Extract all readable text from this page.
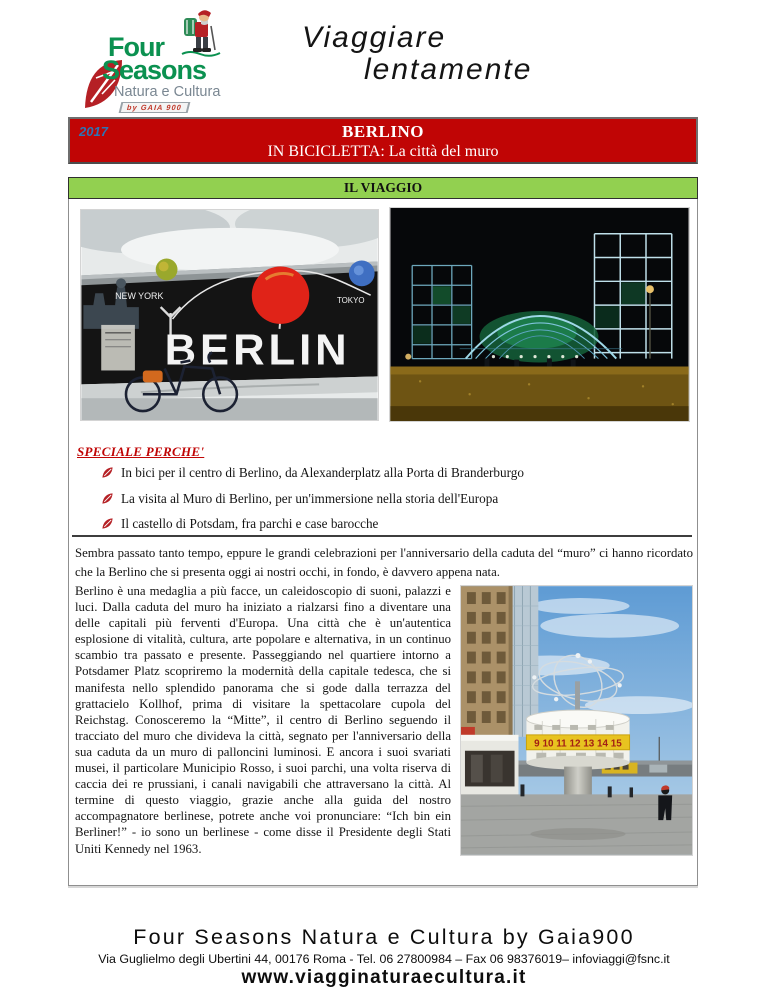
Four
Seasons
Natura e Cultura
by GAIA 900
Viaggiare
lentamente
2017	BERLINO
IN BICICLETTA: La città del muro
IL VIAGGIO
NEW YORK	TOKYO
BERLIN
SPECIALE PERCHE'
In bici per il centro di Berlino, da Alexanderplatz alla Porta di Branderburgo
La visita al Muro di Berlino, per un'immersione nella storia dell'Europa
Il castello di Potsdam, fra parchi e case barocche

Sembra passato tanto tempo, eppure le grandi celebrazioni per l'anniversario della caduta del “muro” ci hanno ricordato che la Berlino che si presenta oggi ai nostri occhi, in fondo, è davvero appena nata.

9 10 11 12 13 14 15

Berlino è una medaglia a più facce, un caleidoscopio di suoni, palazzi e luci. Dalla caduta del muro ha iniziato a rialzarsi fino a diventare una delle capitali più ferventi d'Europa. Una città che è un'autentica esplosione di vitalità, cultura, arte popolare e alternativa, in un continuo scambio tra passato e presente. Passeggiando nel quartiere intorno a Potsdamer Platz scopriremo la modernità della capitale tedesca, che si manifesta nello splendido panorama che si gode dalla terrazza del grattacielo Kollhof, prima di visitare la spettacolare cupola del Reichstag. Conosceremo la “Mitte”, il centro di Berlino seguendo il tracciato del muro che divideva la città, segnato per l'anniversario della sua caduta da un muro di palloncini luminosi. E ancora i suoi svariati musei, il particolare Municipio Rosso, i suoi parchi, una volta riserva di caccia dei re prussiani, i canali navigabili che attraversano la città. Al termine di questo viaggio, grazie anche alla guida del nostro accompagnatore berlinese, potrete anche voi pronunciare: “Ich bin ein Berliner!” - io sono un berlinese - come disse il Presidente degli Stati Uniti Kennedy nel 1963.

Four Seasons Natura e Cultura by Gaia900
Via Guglielmo degli Ubertini 44, 00176 Roma - Tel. 06 27800984 – Fax 06 98376019– infoviaggi@fsnc.it
www.viagginaturaecultura.it
